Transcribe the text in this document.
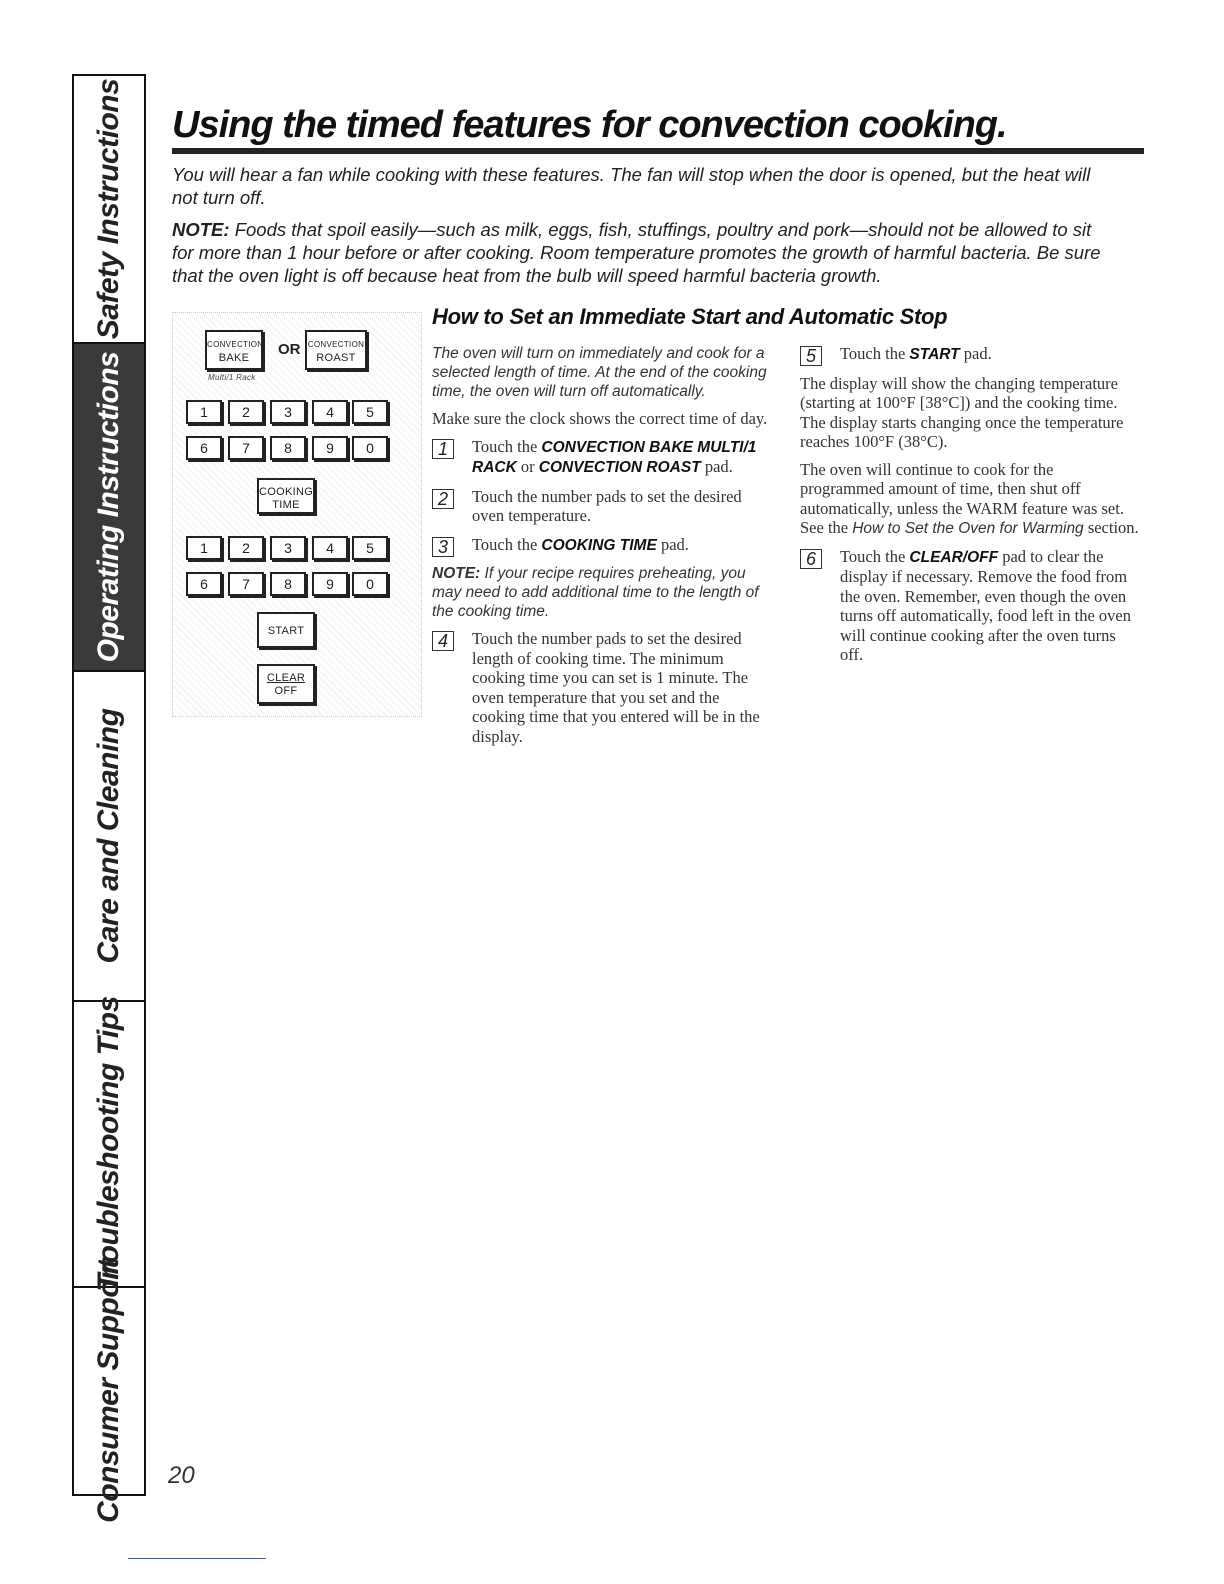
Safety Instructions
Operating Instructions
Care and Cleaning
Troubleshooting Tips
Consumer Support
Using the timed features for convection cooking.

You will hear a fan while cooking with these features. The fan will stop when the door is opened, but the heat will not turn off.

NOTE: Foods that spoil easily—such as milk, eggs, fish, stuffings, poultry and pork—should not be allowed to sit for more than 1 hour before or after cooking. Room temperature promotes the growth of harmful bacteria. Be sure that the oven light is off because heat from the bulb will speed harmful bacteria growth.

CONVECTION
BAKE
Multi/1 Rack
OR CONVECTION
ROAST
1	2	3	4	5
6	7	8	9	0
COOKING
TIME
1	2	3	4	5
6	7	8	9	0
START
CLEAR
OFF
How to Set an Immediate Start and Automatic Stop

The oven will turn on immediately and cook for a selected length of time. At the end of the cooking time, the oven will turn off automatically.

Make sure the clock shows the correct time of day.

1	Touch the CONVECTION BAKE MULTI/1 RACK or CONVECTION ROAST pad.
2	Touch the number pads to set the desired oven temperature.
3	Touch the COOKING TIME pad.

NOTE: If your recipe requires preheating, you may need to add additional time to the length of the cooking time.

4	Touch the number pads to set the desired length of cooking time. The minimum cooking time you can set is 1 minute. The oven temperature that you set and the cooking time that you entered will be in the display.
5	Touch the START pad.

The display will show the changing temperature (starting at 100°F [38°C]) and the cooking time. The display starts changing once the temperature reaches 100°F (38°C).

The oven will continue to cook for the programmed amount of time, then shut off automatically, unless the WARM feature was set. See the How to Set the Oven for Warming section.

6	Touch the CLEAR/OFF pad to clear the display if necessary. Remove the food from the oven. Remember, even though the oven turns off automatically, food left in the oven will continue cooking after the oven turns off.
20
